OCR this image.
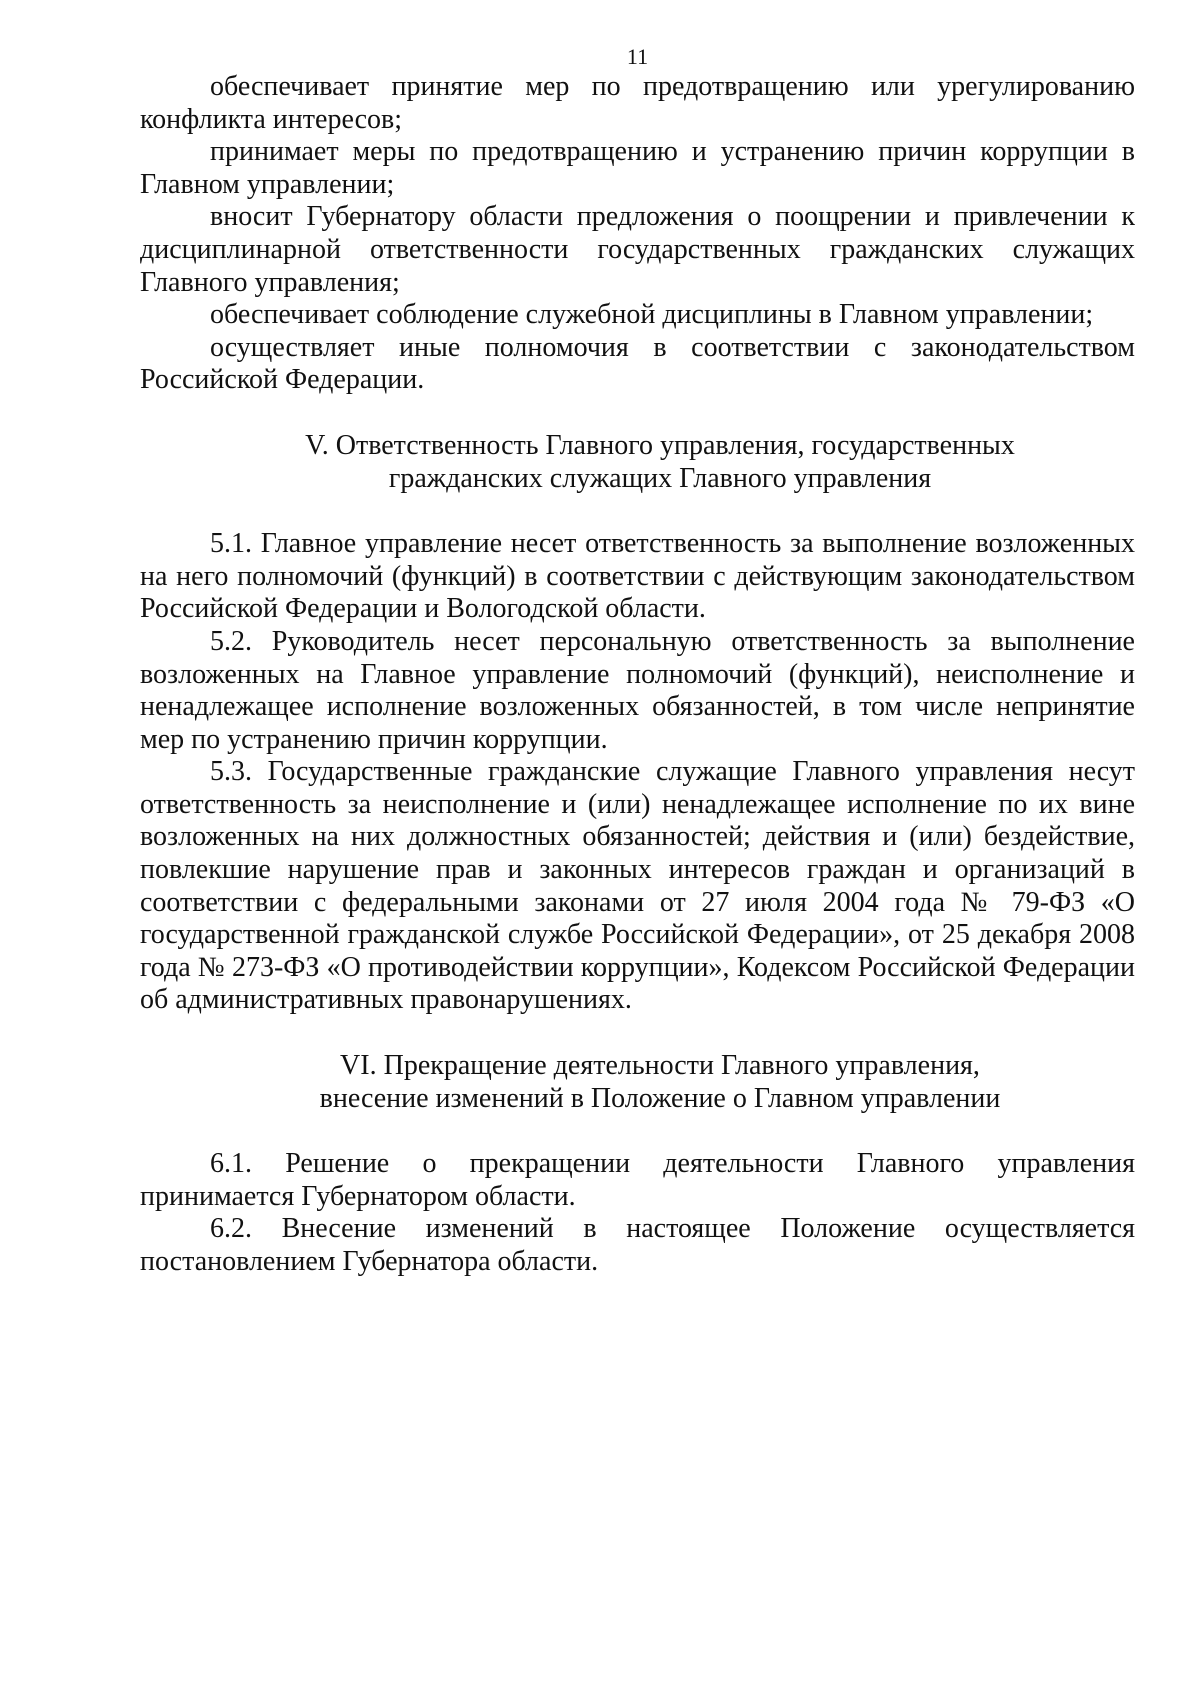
11

обеспечивает принятие мер по предотвращению или урегулированию конфликта интересов;

принимает меры по предотвращению и устранению причин коррупции в Главном управлении;

вносит Губернатору области предложения о поощрении и привлечении к дисциплинарной ответственности государственных гражданских служащих Главного управления;

обеспечивает соблюдение служебной дисциплины в Главном управлении;

осуществляет иные полномочия в соответствии с законодательством Российской Федерации.

V. Ответственность Главного управления, государственных
гражданских служащих Главного управления

5.1. Главное управление несет ответственность за выполнение возложенных на него полномочий (функций) в соответствии с действующим законодательством Российской Федерации и Вологодской области.

5.2. Руководитель несет персональную ответственность за выполнение возложенных на Главное управление полномочий (функций), неисполнение и ненадлежащее исполнение возложенных обязанностей, в том числе непринятие мер по устранению причин коррупции.

5.3. Государственные гражданские служащие Главного управления несут ответственность за неисполнение и (или) ненадлежащее исполнение по их вине возложенных на них должностных обязанностей; действия и (или) бездействие, повлекшие нарушение прав и законных интересов граждан и организаций в соответствии с федеральными законами от 27 июля 2004 года № 79-ФЗ «О государственной гражданской службе Российской Федерации», от 25 декабря 2008 года № 273-ФЗ «О противодействии коррупции», Кодексом Российской Федерации об административных правонарушениях.

VI. Прекращение деятельности Главного управления,
внесение изменений в Положение о Главном управлении

6.1. Решение о прекращении деятельности Главного управления принимается Губернатором области.

6.2. Внесение изменений в настоящее Положение осуществляется постановлением Губернатора области.
